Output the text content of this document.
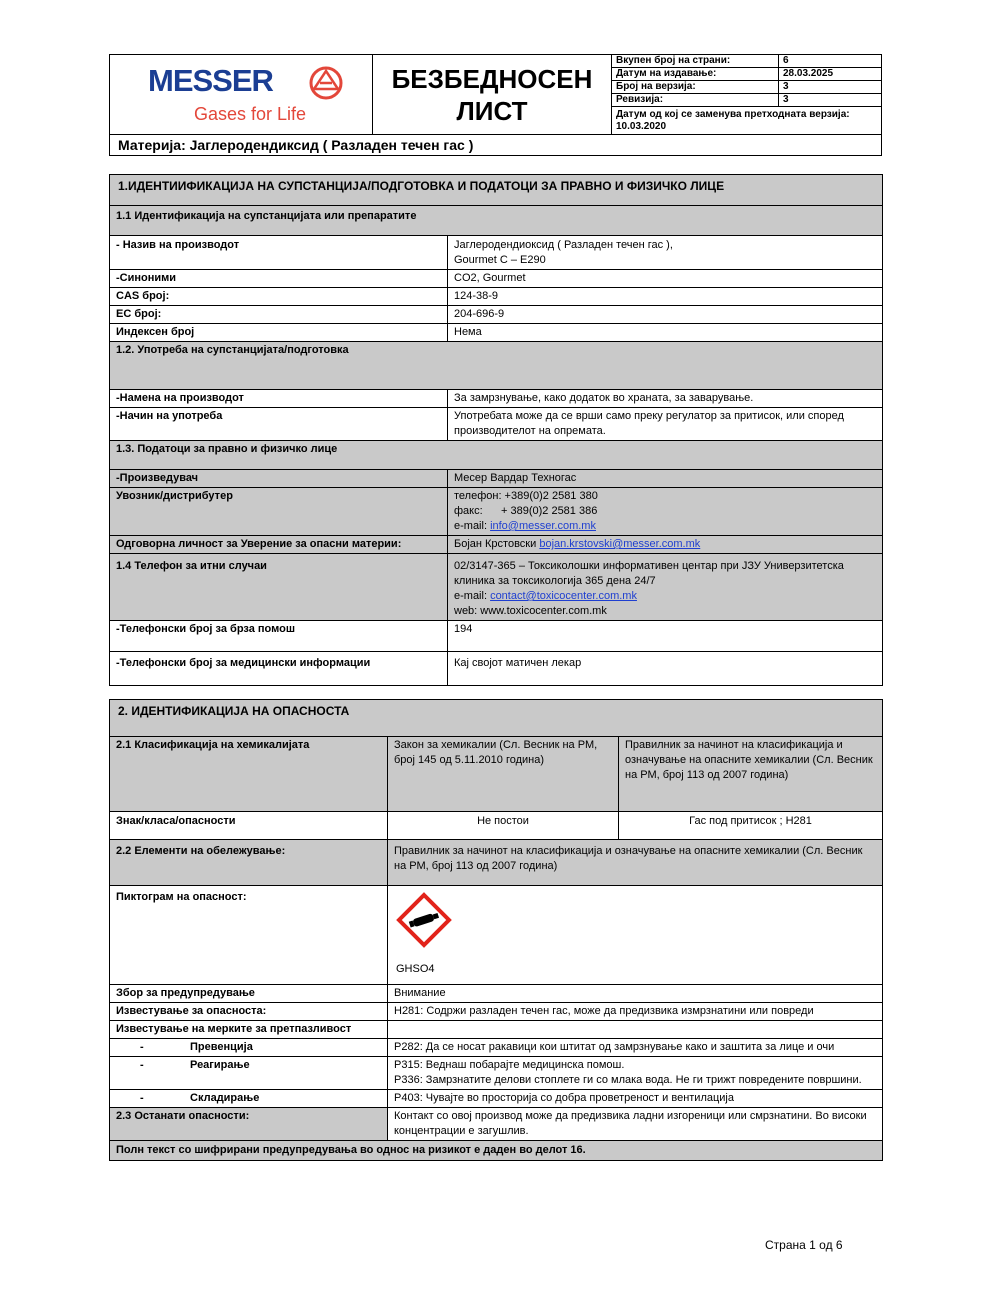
MESSER
Gases for Life

БЕЗБЕДНОСЕН
ЛИСТ

Вкупен број на страни:	6
Датум на издавање:	28.03.2025
Број на верзија:	3
Ревизија:	3
Датум од кој се заменува претходната верзија: 10.03.2020

Материја: Јаглеродендиксид ( Разладен течен гас )
1.ИДЕНТИИФИКАЦИЈА НА СУПСТАНЦИЈА/ПОДГОТОВКА И ПОДАТОЦИ ЗА ПРАВНО И ФИЗИЧКО ЛИЦЕ	
1.1 Идентификација на супстанцијата или препаратите	
- Назив на производот	Јаглеродендиоксид ( Разладен течен гас ),
Gourmet C – E290

-Синоними	CO2, Gourmet
CAS број:	124-38-9
EC број:	204-696-9
Индексен број	Нема
1.2. Употреба на супстанцијата/подготовка	
-Намена на производот	За замрзнување, како додаток во храната, за заварување.
-Начин на употреба	Употребата може да се врши само преку регулатор за притисок, или според производителот на опремата.
1.3. Податоци за правно и физичко лице	
-Произведувач	Месер Вардар Техногас
Увозник/дистрибутер	телефон: +389(0)2 2581 380
факс:      + 389(0)2 2581 386
e-mail: info@messer.com.mk

Одговорна личност за Уверение за опасни материи:	Бојан Крстовски bojan.krstovski@messer.com.mk
1.4 Телефон за итни случаи	02/3147-365 – Токсиколошки информативен центар при ЈЗУ Универзитетска клиника за токсикологија 365 дена 24/7
e-mail: contact@toxicocenter.com.mk
web: www.toxicocenter.com.mk

-Телефонски број за брза помош	194
-Телефонски број за медицински информации	Кај својот матичен лекар
2. ИДЕНТИФИКАЦИЈА НА ОПАСНОСТА		
2.1 Класификација на хемикалијата	Закон за хемикалии (Сл. Весник на РМ, број 145 од 5.11.2010 година)	Правилник за начинот на класификација и означување на опасните хемикалии (Сл. Весник на РМ, број 113 од 2007 година)
Знак/класа/опасности	Не постои	Гас под притисок ; H281
2.2 Елементи на обележување:	Правилник за начинот на класификација и означување на опасните хемикалии (Сл. Весник на РМ, број 113 од 2007 година)	
Пиктограм на опасност:	GHSO4	

Збор за предупредување	Внимание	
Известување за опасноста:	H281: Содржи разладен течен гас, може да предизвика измрзнатини или повреди	
Известување на мерките за претпазливост		
- Превенција	P282: Да се носат ракавици кои штитат од замрзнување како и заштита за лице и очи	
- Реагирање	P315: Веднаш побарајте медицинска помош.
P336: Замрзнатите делови стоплете ги со млака вода. Не ги трижт повредените површини.	

- Складирање	P403: Чувајте во просторија со добра проветреност и вентилација	
2.3 Останати опасности:	Контакт со овој производ може да предизвика ладни изгореници или смрзнатини. Во високи концентрации е загушлив.	
Полн текст со шифрирани предупредувања во однос на ризикот е даден во делот 16.		
Страна 1 од 6
